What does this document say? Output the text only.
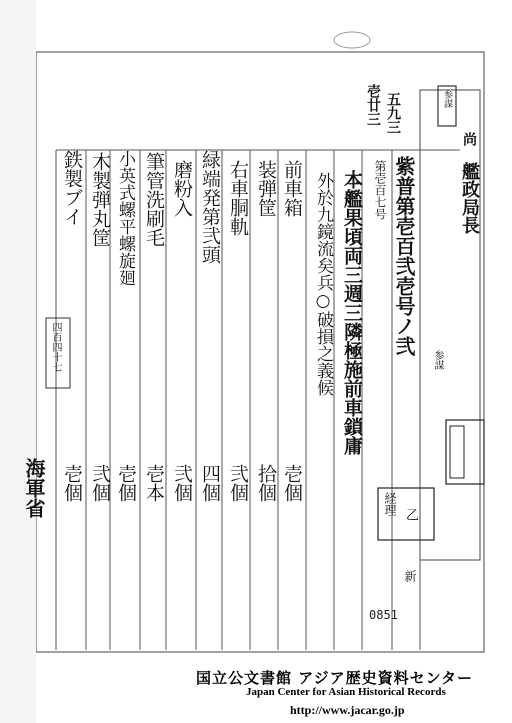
尚
艦政局長
参謀
参謀
五九三
壱廿三
紫普第壱百弐壱号ノ弐
第壱百七号
本艦果頃両三週三隣極施前車鎖庸
外於九鏡流矣兵○破損之義候
前車箱
壱個
装弾筐
拾個
右車胴軌
弐個
緑端発第弐頭
四個
磨粉入
弐個
筆管洗刷毛
壱本
小英式螺平螺旋廻
壱個
木製弾丸筐
弐個
鉄製ブイ
壱個
経理 乙
新
四百四十七
海軍省
0851
国立公文書館 アジア歴史資料センター
Japan Center for Asian Historical Records
http://www.jacar.go.jp
